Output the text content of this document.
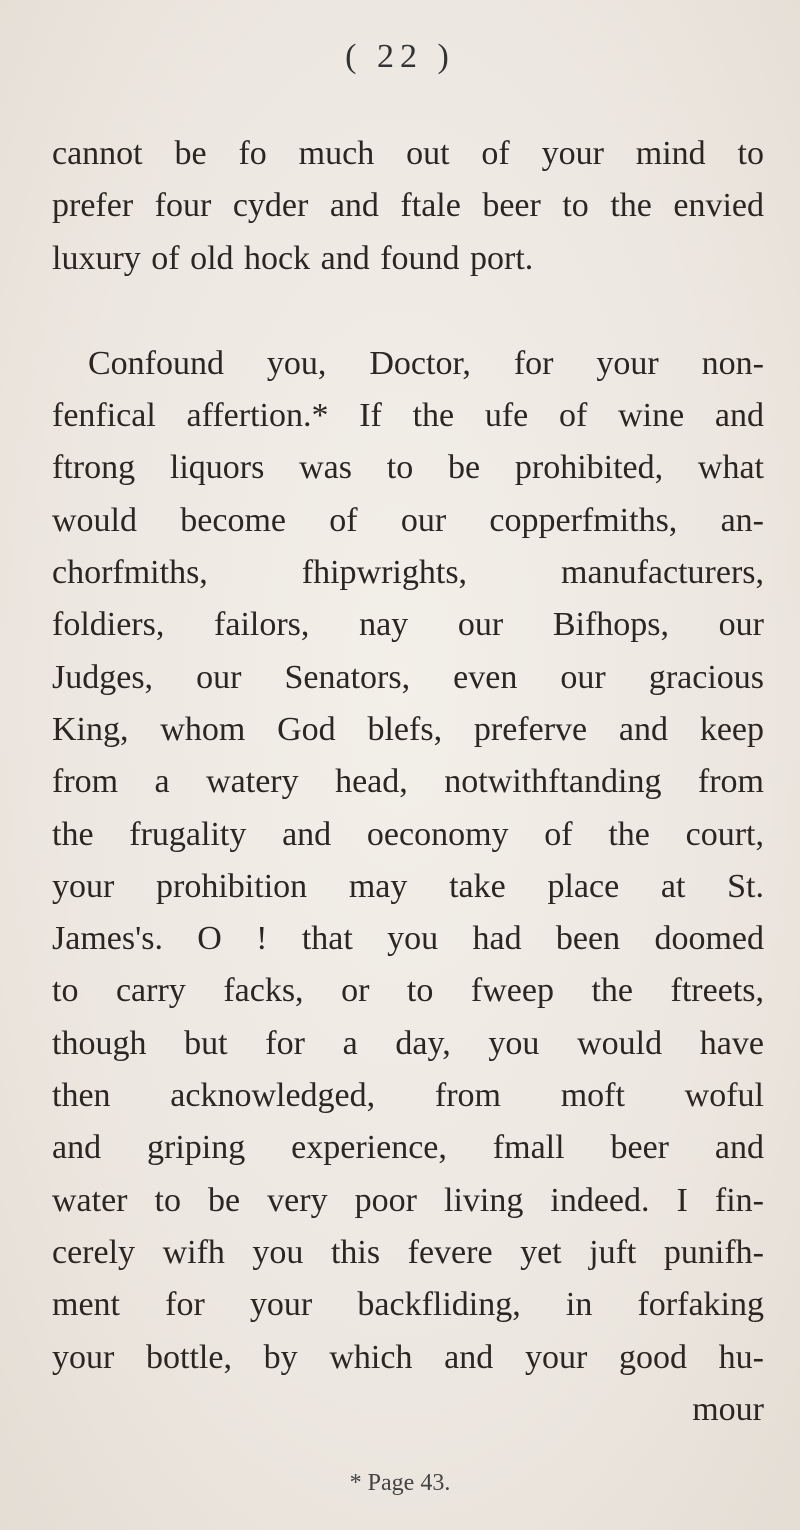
( 22 )
cannot be fo much out of your mind to
prefer four cyder and ftale beer to the envied
luxury of old hock and found port.
Confound you, Doctor, for your non-
fenfical affertion.* If the ufe of wine and
ftrong liquors was to be prohibited, what
would become of our copperfmiths, an-
chorfmiths, fhipwrights, manufacturers,
foldiers, failors, nay our Bifhops, our
Judges, our Senators, even our gracious
King, whom God blefs, preferve and keep
from a watery head, notwithftanding from
the frugality and oeconomy of the court,
your prohibition may take place at St.
James's. O ! that you had been doomed
to carry facks, or to fweep the ftreets,
though but for a day, you would have
then acknowledged, from moft woful
and griping experience, fmall beer and
water to be very poor living indeed. I fin-
cerely wifh you this fevere yet juft punifh-
ment for your backfliding, in forfaking
your bottle, by which and your good hu-
mour
* Page 43.
